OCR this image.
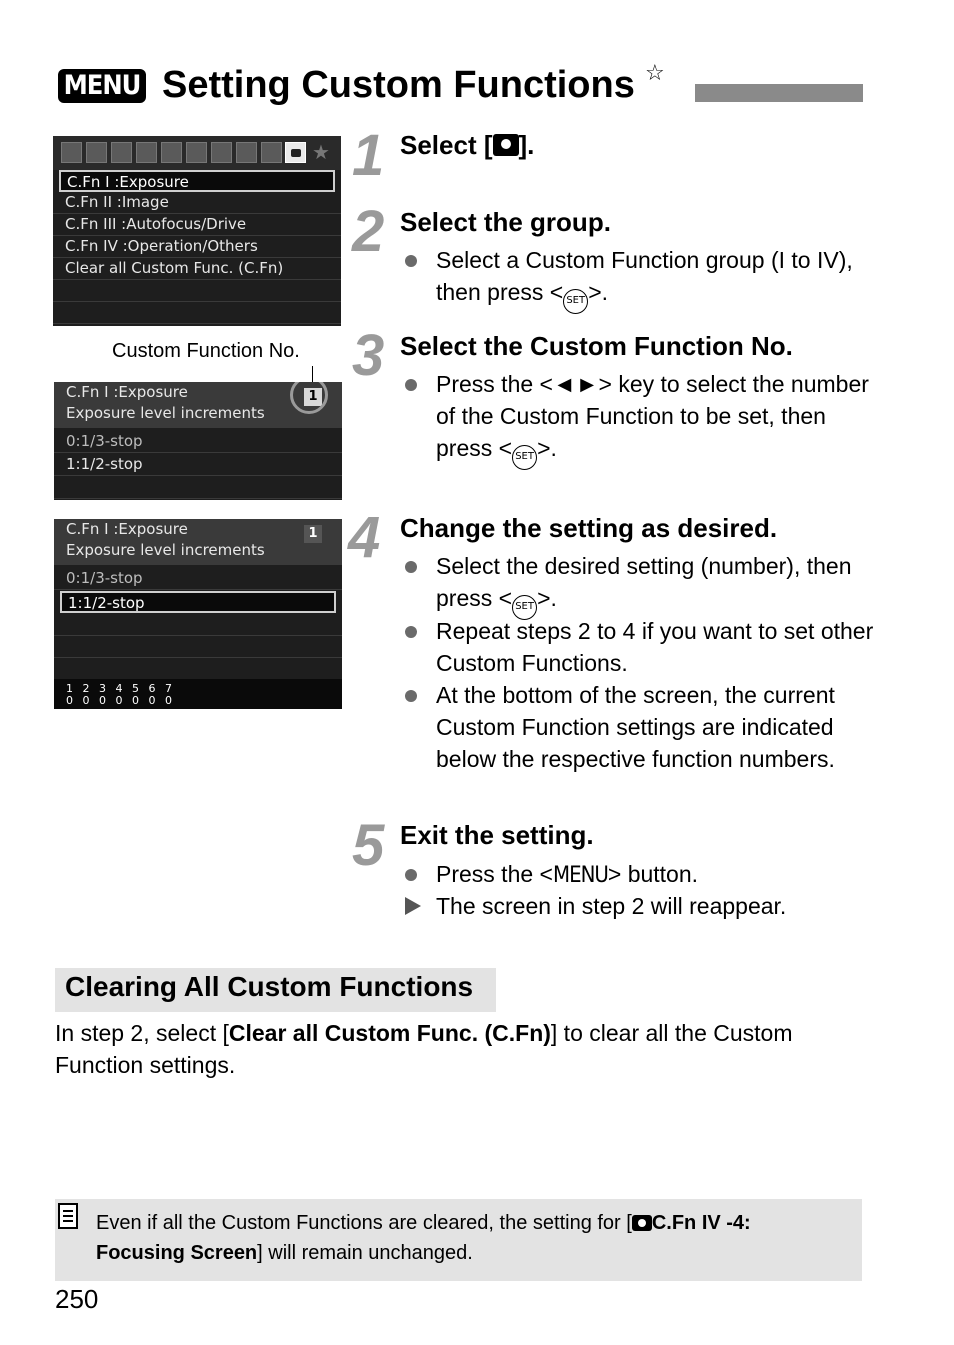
MENU Setting Custom Functions ☆
★
C.Fn I :Exposure
C.Fn II :Image
C.Fn III :Autofocus/Drive
C.Fn IV :Operation/Others
Clear all Custom Func. (C.Fn)
Custom Function No.
C.Fn I :Exposure
Exposure level increments
1
0:1/3-stop
1:1/2-stop
C.Fn I :Exposure
Exposure level increments
1
0:1/3-stop
1:1/2-stop
1 2 3 4 5 6 7
0 0 0 0 0 0 0
1 Select [ ].
2 Select the group.
Select a Custom Function group (I to IV), then press < SET >.
3 Select the Custom Function No.
Press the <◄►> key to select the number of the Custom Function to be set, then press < SET >.
4 Change the setting as desired.
Select the desired setting (number), then press < SET >.
Repeat steps 2 to 4 if you want to set other Custom Functions.
At the bottom of the screen, the current Custom Function settings are indicated below the respective function numbers.
5 Exit the setting.
Press the <MENU> button.
The screen in step 2 will reappear.
Clearing All Custom Functions
In step 2, select [Clear all Custom Func. (C.Fn)] to clear all the Custom Function settings.
Even if all the Custom Functions are cleared, the setting for [ C.Fn IV -4:
Focusing Screen] will remain unchanged.
250
